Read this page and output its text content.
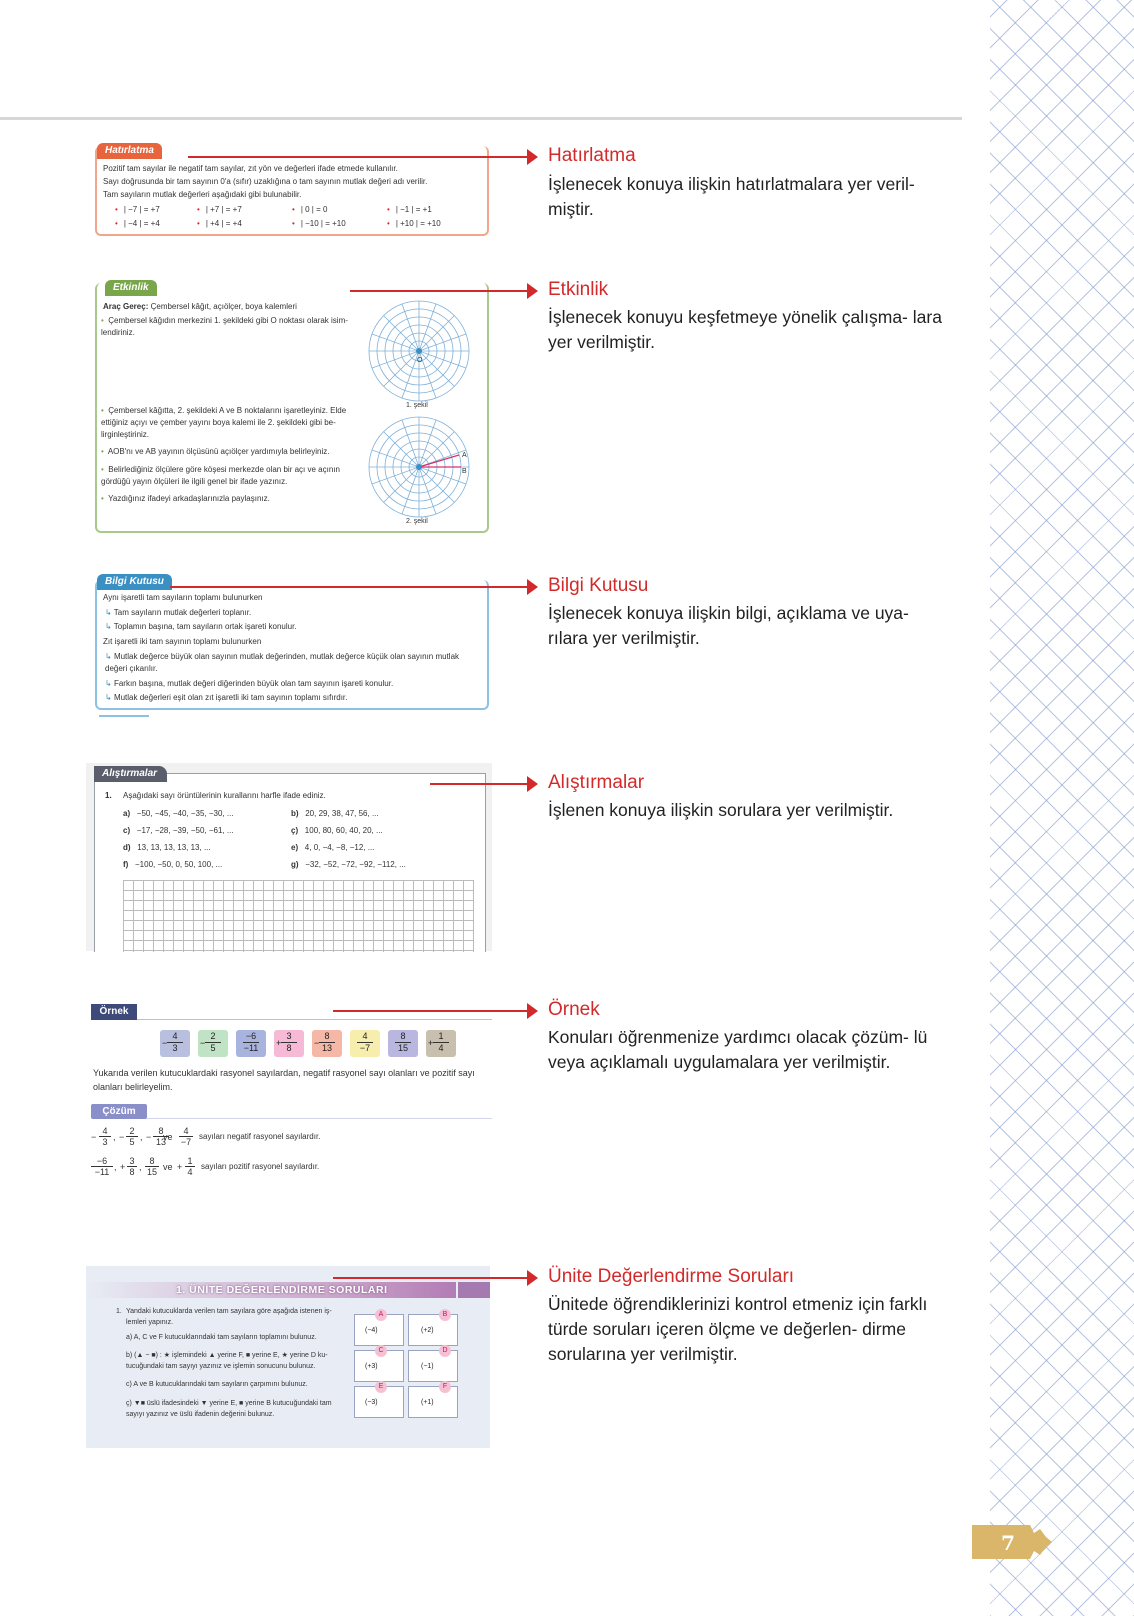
Hatırlatma
Pozitif tam sayılar ile negatif tam sayılar, zıt yön ve değerleri ifade etmede kullanılır.
Sayı doğrusunda bir tam sayının 0'a (sıfır) uzaklığına o tam sayının mutlak değeri adı verilir.
Tam sayıların mutlak değerleri aşağıdaki gibi bulunabilir.
• | −7 | = +7	• | +7 | = +7	• | 0 | = 0	• | −1 | = +1
• | −4 | = +4	• | +4 | = +4	• | −10 | = +10	• | +10 | = +10
Hatırlatma
İşlenecek konuya ilişkin hatırlatmalara yer veril- miştir.
Etkinlik
Araç Gereç: Çembersel kâğıt, açıölçer, boya kalemleri
• Çembersel kâğıdın merkezini 1. şekildeki gibi O noktası olarak isim- lendiriniz.
• Çembersel kâğıtta, 2. şekildeki A ve B noktalarını işaretleyiniz. Elde ettiğiniz açıyı ve çember yayını boya kalemi ile 2. şekildeki gibi be- lirginleştiriniz.
• AOB'nı ve AB yayının ölçüsünü açıölçer yardımıyla belirleyiniz.
• Belirlediğiniz ölçülere göre köşesi merkezde olan bir açı ve açının gördüğü yayın ölçüleri ile ilgili genel bir ifade yazınız.
• Yazdığınız ifadeyi arkadaşlarınızla paylaşınız.
O
1. şekil
A
B
2. şekil
Etkinlik
İşlenecek konuyu keşfetmeye yönelik çalışma- lara yer verilmiştir.
Bilgi Kutusu
Aynı işaretli tam sayıların toplamı bulunurken
↳ Tam sayıların mutlak değerleri toplanır.
↳ Toplamın başına, tam sayıların ortak işareti konulur.
Zıt işaretli iki tam sayının toplamı bulunurken
↳ Mutlak değerce büyük olan sayının mutlak değerinden, mutlak değerce küçük olan sayının mutlak değeri çıkarılır.
↳ Farkın başına, mutlak değeri diğerinden büyük olan tam sayının işareti konulur.
↳ Mutlak değerleri eşit olan zıt işaretli iki tam sayının toplamı sıfırdır.
Bilgi Kutusu
İşlenecek konuya ilişkin bilgi, açıklama ve uya- rılara yer verilmiştir.
Alıştırmalar
1. Aşağıdaki sayı örüntülerinin kurallarını harfle ifade ediniz.
a) −50, −45, −40, −35, −30, ...	b) 20, 29, 38, 47, 56, ...
c) −17, −28, −39, −50, −61, ...	ç) 100, 80, 60, 40, 20, ...
d) 13, 13, 13, 13, 13, ...	e) 4, 0, −4, −8, −12, ...
f) −100, −50, 0, 50, 100, ...	g) −32, −52, −72, −92, −112, ...
Alıştırmalar
İşlenen konuya ilişkin sorulara yer verilmiştir.
Örnek
−
4
3	−
2
5
−6
−11	+
3
8	−
8
13
4
−7
8
15	+
1
4
Yukarıda verilen kutucuklardaki rasyonel sayılardan, negatif rasyonel sayı olanları ve pozitif sayı olanları belirleyelim.
Çözüm
−
4
3 , −
2
5 , −
8
13
ve
4
−7
sayıları negatif rasyonel sayılardır.
−6
−11 , +
3
8 ,
8
15 ve +
1
4
sayıları pozitif rasyonel sayılardır.
Örnek
Konuları öğrenmenize yardımcı olacak çözüm- lü veya açıklamalı uygulamalara yer verilmiştir.
1. ÜNİTE DEĞERLENDİRME SORULARI
1. Yandaki kutucuklarda verilen tam sayılara göre aşağıda istenen iş- lemleri yapınız.
a) A, C ve F kutucuklarındaki tam sayıların toplamını bulunuz.
b) (▲ − ■) : ★ işlemindeki ▲ yerine F, ■ yerine E, ★ yerine D ku- tucuğundaki tam sayıyı yazınız ve işlemin sonucunu bulunuz.
c) A ve B kutucuklarındaki tam sayıların çarpımını bulunuz.
ç) ▼■ üslü ifadesindeki ▼ yerine E, ■ yerine B kutucuğundaki tam sayıyı yazınız ve üslü ifadenin değerini bulunuz.
A
(−4)
B
(+2)
C
(+3)
D
(−1)
E
(−3)
F
(+1)
Ünite Değerlendirme Soruları
Ünitede öğrendiklerinizi kontrol etmeniz için farklı türde soruları içeren ölçme ve değerlen- dirme sorularına yer verilmiştir.
7
